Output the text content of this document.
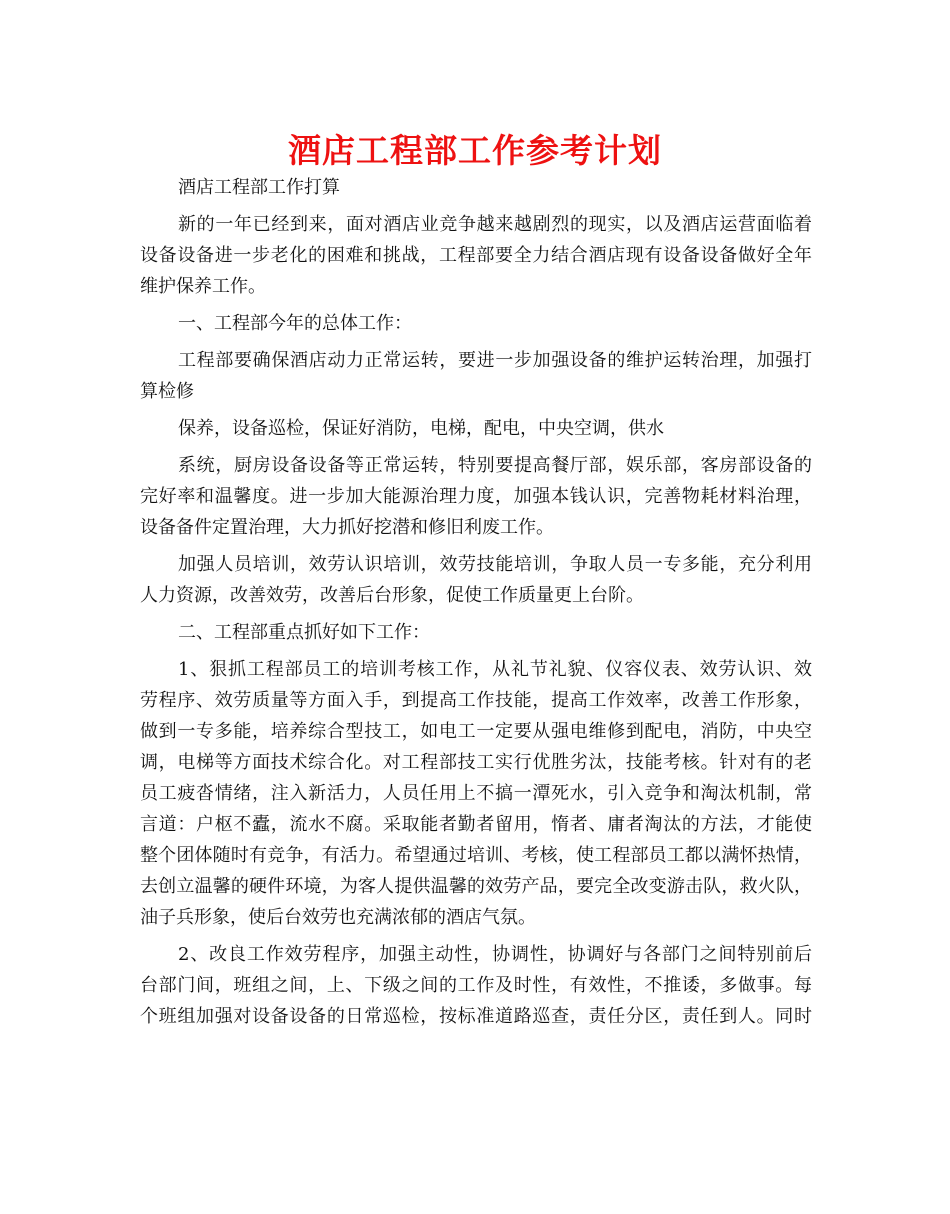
酒店工程部工作参考计划
酒店工程部工作打算
新的一年已经到来，面对酒店业竞争越来越剧烈的现实，以及酒店运营面临着
设备设备进一步老化的困难和挑战，工程部要全力结合酒店现有设备设备做好全年
维护保养工作。
一、工程部今年的总体工作：
工程部要确保酒店动力正常运转，要进一步加强设备的维护运转治理，加强打
算检修
保养，设备巡检，保证好消防，电梯，配电，中央空调，供水
系统，厨房设备设备等正常运转，特别要提高餐厅部，娱乐部，客房部设备的
完好率和温馨度。进一步加大能源治理力度，加强本钱认识，完善物耗材料治理，
设备备件定置治理，大力抓好挖潜和修旧利废工作。
加强人员培训，效劳认识培训，效劳技能培训，争取人员一专多能，充分利用
人力资源，改善效劳，改善后台形象，促使工作质量更上台阶。
二、工程部重点抓好如下工作：
1、狠抓工程部员工的培训考核工作，从礼节礼貌、仪容仪表、效劳认识、效
劳程序、效劳质量等方面入手，到提高工作技能，提高工作效率，改善工作形象，
做到一专多能，培养综合型技工，如电工一定要从强电维修到配电，消防，中央空
调，电梯等方面技术综合化。对工程部技工实行优胜劣汰，技能考核。针对有的老
员工疲沓情绪，注入新活力，人员任用上不搞一潭死水，引入竞争和淘汰机制，常
言道：户枢不蠹，流水不腐。采取能者勤者留用，惰者、庸者淘汰的方法，才能使
整个团体随时有竞争，有活力。希望通过培训、考核，使工程部员工都以满怀热情，
去创立温馨的硬件环境，为客人提供温馨的效劳产品，要完全改变游击队，救火队，
油子兵形象，使后台效劳也充满浓郁的酒店气氛。
2、改良工作效劳程序，加强主动性，协调性，协调好与各部门之间特别前后
台部门间，班组之间，上、下级之间的工作及时性，有效性，不推诿，多做事。每
个班组加强对设备设备的日常巡检，按标准道路巡查，责任分区，责任到人。同时
